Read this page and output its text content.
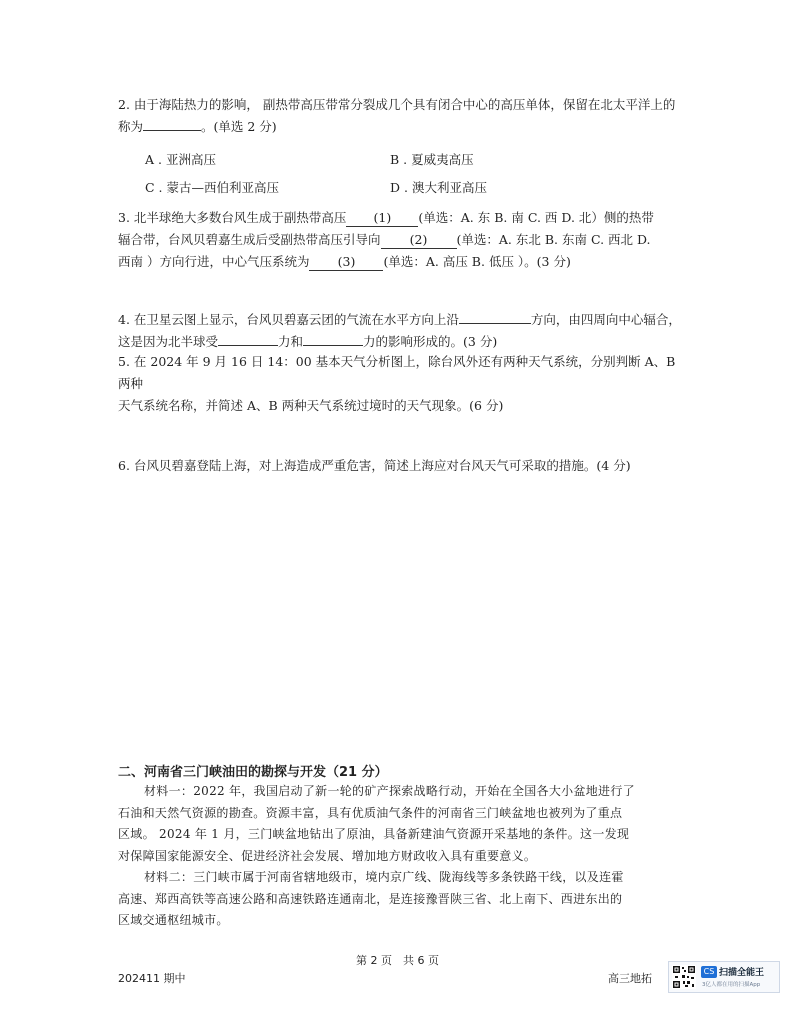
2. 由于海陆热力的影响， 副热带高压带常分裂成几个具有闭合中心的高压单体，保留在北太平洋上的
称为	。(单选 2 分)
A . 亚洲高压	B . 夏威夷高压
C . 蒙古—西伯利亚高压	D . 澳大利亚高压
3. 北半球绝大多数台风生成于副热带高压 (1) (单选：A. 东 B. 南 C. 西 D. 北）侧的热带
辐合带，台风贝碧嘉生成后受副热带高压引导向 (2) (单选：A. 东北 B. 东南 C. 西北 D.
西南 ）方向行进，中心气压系统为 (3) (单选：A. 高压 B. 低压 ）。(3 分)
4. 在卫星云图上显示，台风贝碧嘉云团的气流在水平方向上沿	方向，由四周向中心辐合，
这是因为北半球受	力和	力的影响形成的。(3 分)
5. 在 2024 年 9 月 16 日 14：00 基本天气分析图上，除台风外还有两种天气系统，分别判断 A、B 两种
天气系统名称，并简述 A、B 两种天气系统过境时的天气现象。(6 分)
6. 台风贝碧嘉登陆上海，对上海造成严重危害，简述上海应对台风天气可采取的措施。(4 分)
二、河南省三门峡油田的勘探与开发（21 分）
材料一：2022 年，我国启动了新一轮的矿产探索战略行动，开始在全国各大小盆地进行了
石油和天然气资源的勘查。资源丰富，具有优质油气条件的河南省三门峡盆地也被列为了重点
区域。 2024 年 1 月，三门峡盆地钻出了原油，具备新建油气资源开采基地的条件。这一发现
对保障国家能源安全、促进经济社会发展、增加地方财政收入具有重要意义。
材料二：三门峡市属于河南省辖地级市，境内京广线、陇海线等多条铁路干线，以及连霍
高速、郑西高铁等高速公路和高速铁路连通南北，是连接豫晋陕三省、北上南下、西进东出的
区域交通枢纽城市。
第 2 页　共 6 页
202411 期中	高三地拓
CS 扫描全能王
3亿人都在用的扫描App
